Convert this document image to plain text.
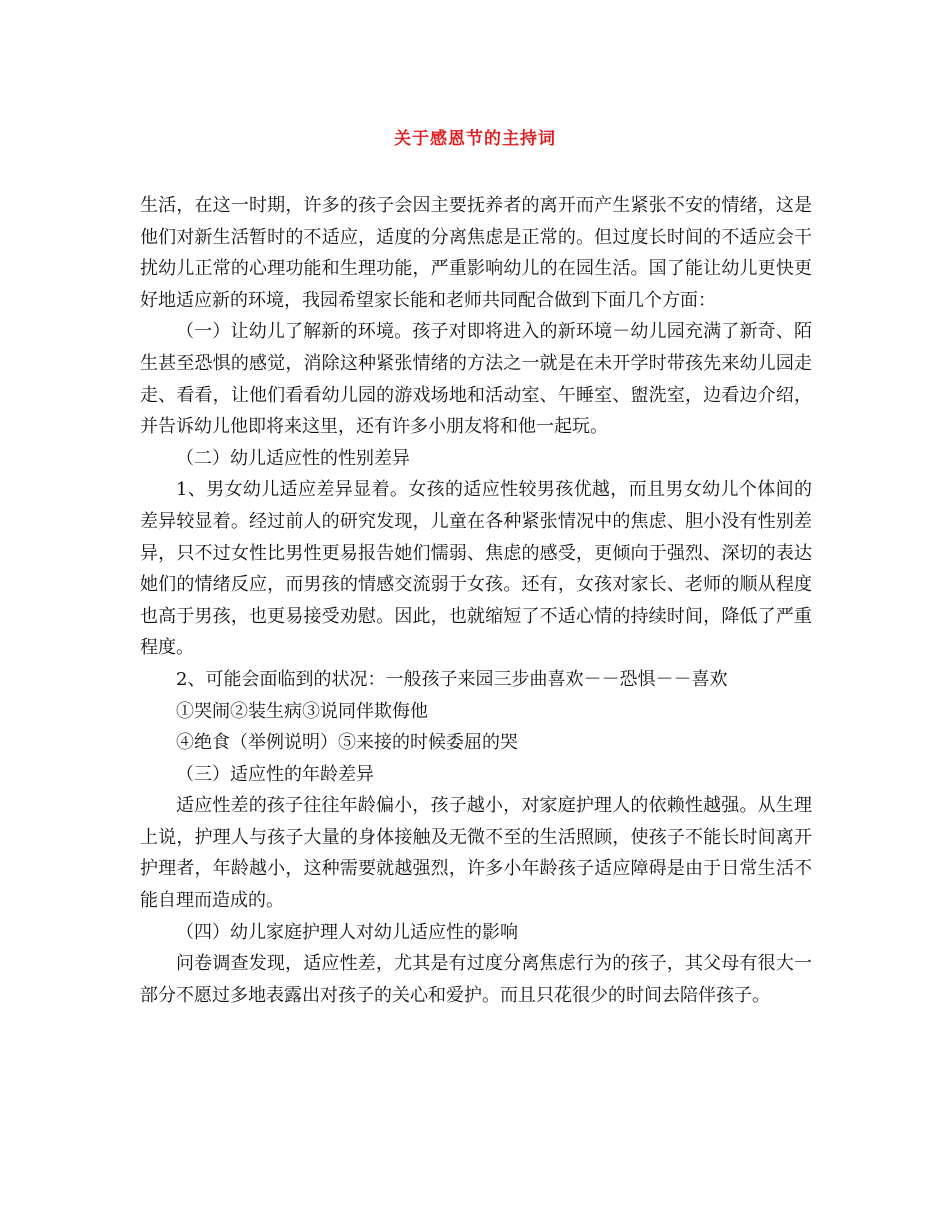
关于感恩节的主持词

生活，在这一时期，许多的孩子会因主要抚养者的离开而产生紧张不安的情绪，这是他们对新生活暂时的不适应，适度的分离焦虑是正常的。但过度长时间的不适应会干扰幼儿正常的心理功能和生理功能，严重影响幼儿的在园生活。国了能让幼儿更快更好地适应新的环境，我园希望家长能和老师共同配合做到下面几个方面：

（一）让幼儿了解新的环境。孩子对即将进入的新环境－幼儿园充满了新奇、陌生甚至恐惧的感觉，消除这种紧张情绪的方法之一就是在未开学时带孩先来幼儿园走走、看看，让他们看看幼儿园的游戏场地和活动室、午睡室、盥洗室，边看边介绍，并告诉幼儿他即将来这里，还有许多小朋友将和他一起玩。

（二）幼儿适应性的性别差异

1、男女幼儿适应差异显着。女孩的适应性较男孩优越，而且男女幼儿个体间的差异较显着。经过前人的研究发现，儿童在各种紧张情况中的焦虑、胆小没有性别差异，只不过女性比男性更易报告她们懦弱、焦虑的感受，更倾向于强烈、深切的表达她们的情绪反应，而男孩的情感交流弱于女孩。还有，女孩对家长、老师的顺从程度也高于男孩，也更易接受劝慰。因此，也就缩短了不适心情的持续时间，降低了严重程度。

2、可能会面临到的状况：一般孩子来园三步曲喜欢－－恐惧－－喜欢

①哭闹②装生病③说同伴欺侮他

④绝食（举例说明）⑤来接的时候委屈的哭

（三）适应性的年龄差异

适应性差的孩子往往年龄偏小，孩子越小，对家庭护理人的依赖性越强。从生理上说，护理人与孩子大量的身体接触及无微不至的生活照顾，使孩子不能长时间离开护理者，年龄越小，这种需要就越强烈，许多小年龄孩子适应障碍是由于日常生活不能自理而造成的。

（四）幼儿家庭护理人对幼儿适应性的影响

问卷调查发现，适应性差，尤其是有过度分离焦虑行为的孩子，其父母有很大一部分不愿过多地表露出对孩子的关心和爱护。而且只花很少的时间去陪伴孩子。
